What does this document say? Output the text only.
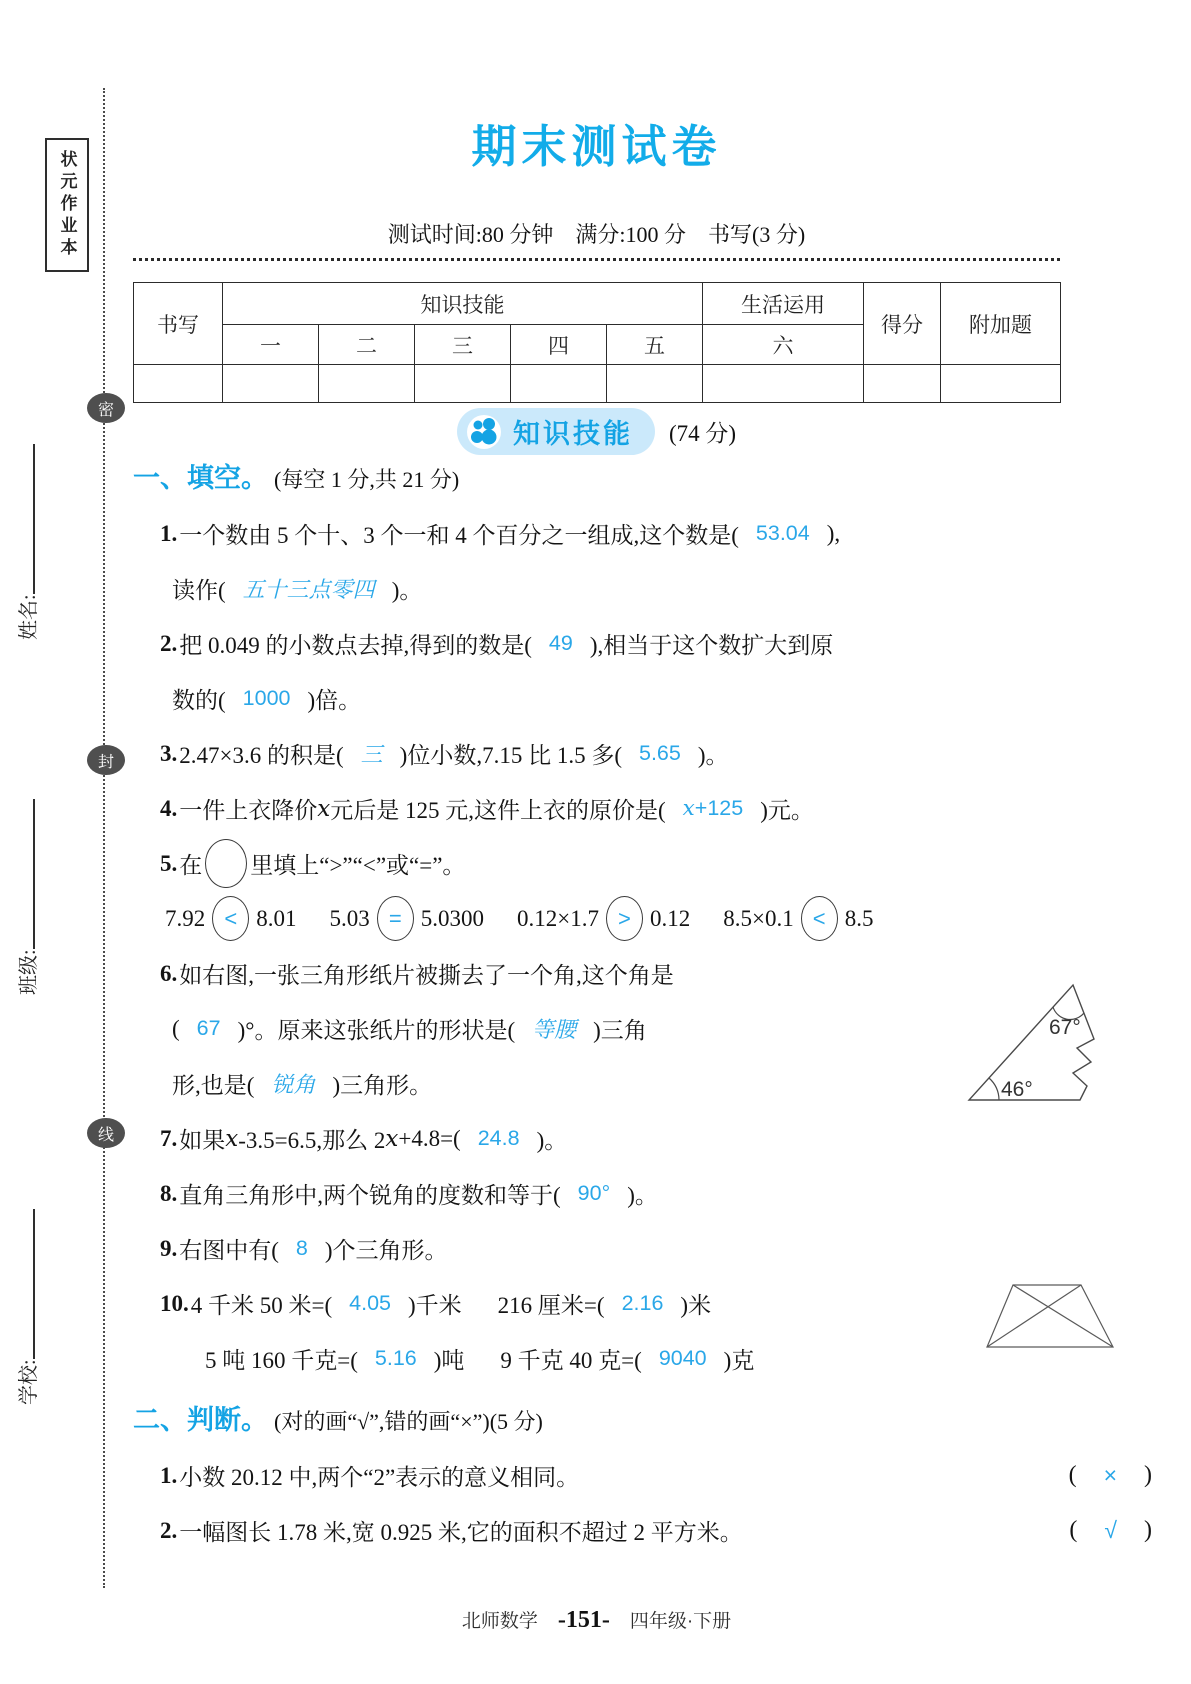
状元作业本
姓名:
班级:
学校:
密
封
线
期末测试卷
测试时间:80 分钟　满分:100 分　书写(3 分)
书写	知识技能					生活运用	得分	附加题
	一	二	三	四	五	六		

知识技能 (74 分)
一、填空。 (每空 1 分,共 21 分)
1. 一个数由 5 个十、3 个一和 4 个百分之一组成,这个数是( 53.04 ),
读作( 五十三点零四 )。
2. 把 0.049 的小数点去掉,得到的数是( 49 ),相当于这个数扩大到原
数的( 1000 )倍。
3. 2.47×3.6 的积是( 三 )位小数,7.15 比 1.5 多( 5.65 )。
4. 一件上衣降价 x 元后是 125 元,这件上衣的原价是( x+125 )元。
5. 在 里填上“>”“<”或“=”。
7.92 < 8.01 5.03 = 5.0300 0.12×1.7 > 0.12 8.5×0.1 < 8.5
6. 如右图,一张三角形纸片被撕去了一个角,这个角是
( 67 )°。原来这张纸片的形状是( 等腰 )三角
形,也是( 锐角 )三角形。
7. 如果 x -3.5=6.5,那么 2 x +4.8=( 24.8 )。
8. 直角三角形中,两个锐角的度数和等于( 90° )。
9. 右图中有( 8 )个三角形。
10. 4 千米 50 米=( 4.05 )千米 216 厘米=( 2.16 )米
5 吨 160 千克=( 5.16 )吨 9 千克 40 克=( 9040 )克
二、判断。 (对的画“√”,错的画“×”)(5 分)
1. 小数 20.12 中,两个“2”表示的意义相同。	(	×	)
2. 一幅图长 1.78 米,宽 0.925 米,它的面积不超过 2 平方米。	(	√	)
67°
46°
北师数学 -151- 四年级·下册
